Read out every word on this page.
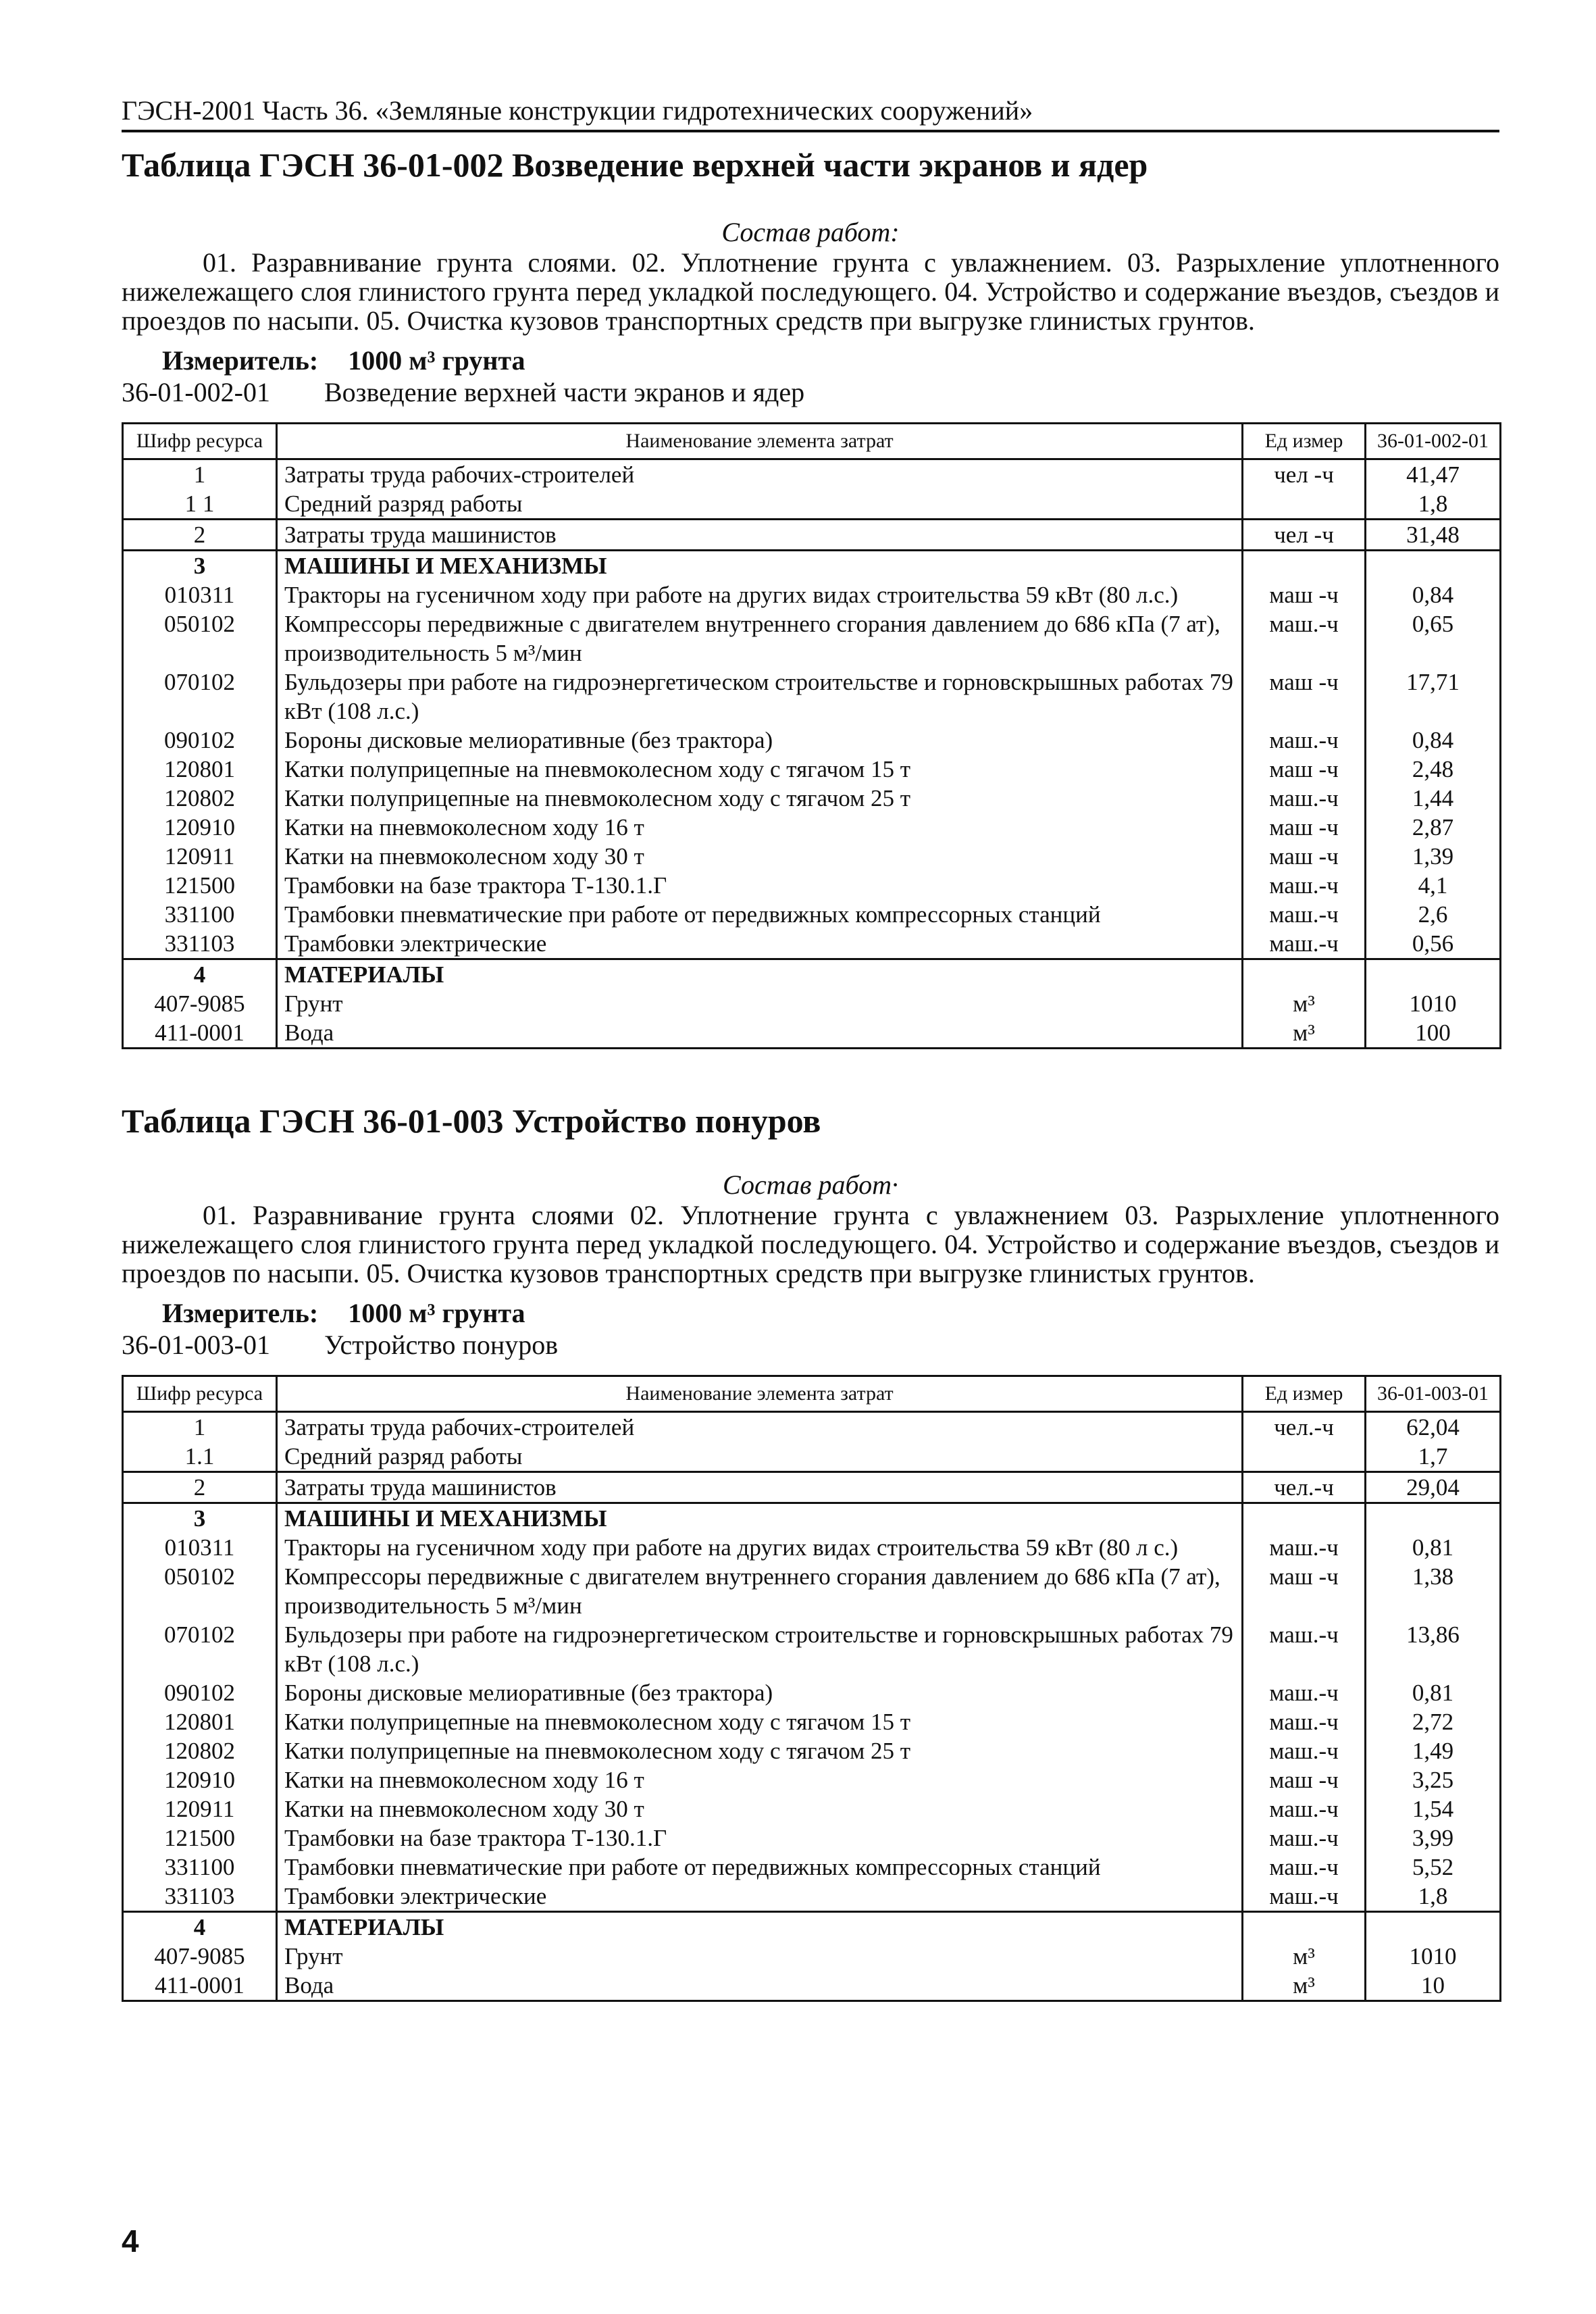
ГЭСН-2001 Часть 36. «Земляные конструкции гидротехнических сооружений»
Таблица ГЭСН 36-01-002 Возведение верхней части экранов и ядер
Состав работ:
01. Разравнивание грунта слоями. 02. Уплотнение грунта с увлажнением. 03. Разрыхление уплотненного нижележащего слоя глинистого грунта перед укладкой последующего. 04. Устройство и содержание въездов, съездов и проездов по насыпи. 05. Очистка кузовов транспортных средств при выгрузке глинистых грунтов.
Измеритель: 1000 м³ грунта
36-01-002-01 Возведение верхней части экранов и ядер
Шифр ресурса	Наименование элемента затрат	Ед измер	36-01-002-01
1	Затраты труда рабочих-строителей	чел -ч	41,47
1 1	Средний разряд работы		1,8
2	Затраты труда машинистов	чел -ч	31,48
3	МАШИНЫ И МЕХАНИЗМЫ		
010311	Тракторы на гусеничном ходу при работе на других видах строительства 59 кВт (80 л.с.)	маш -ч	0,84
050102	Компрессоры передвижные с двигателем внутреннего сгорания давлением до 686 кПа (7 ат), производительность 5 м³/мин	маш.-ч	0,65
070102	Бульдозеры при работе на гидроэнергетическом строительстве и горновскрышных работах 79 кВт (108 л.с.)	маш -ч	17,71
090102	Бороны дисковые мелиоративные (без трактора)	маш.-ч	0,84
120801	Катки полуприцепные на пневмоколесном ходу с тягачом 15 т	маш -ч	2,48
120802	Катки полуприцепные на пневмоколесном ходу с тягачом 25 т	маш.-ч	1,44
120910	Катки на пневмоколесном ходу 16 т	маш -ч	2,87
120911	Катки на пневмоколесном ходу 30 т	маш -ч	1,39
121500	Трамбовки на базе трактора Т-130.1.Г	маш.-ч	4,1
331100	Трамбовки пневматические при работе от передвижных компрессорных станций	маш.-ч	2,6
331103	Трамбовки электрические	маш.-ч	0,56
4	МАТЕРИАЛЫ		
407-9085	Грунт	м³	1010
411-0001	Вода	м³	100
Таблица ГЭСН 36-01-003 Устройство понуров
Состав работ·
01. Разравнивание грунта слоями 02. Уплотнение грунта с увлажнением 03. Разрыхление уплотненного нижележащего слоя глинистого грунта перед укладкой последующего. 04. Устройство и содержание въездов, съездов и проездов по насыпи. 05. Очистка кузовов транспортных средств при выгрузке глинистых грунтов.
Измеритель: 1000 м³ грунта
36-01-003-01 Устройство понуров
Шифр ресурса	Наименование элемента затрат	Ед измер	36-01-003-01
1	Затраты труда рабочих-строителей	чел.-ч	62,04
1.1	Средний разряд работы		1,7
2	Затраты труда машинистов	чел.-ч	29,04
3	МАШИНЫ И МЕХАНИЗМЫ		
010311	Тракторы на гусеничном ходу при работе на других видах строительства 59 кВт (80 л с.)	маш.-ч	0,81
050102	Компрессоры передвижные с двигателем внутреннего сгорания давлением до 686 кПа (7 ат), производительность 5 м³/мин	маш -ч	1,38
070102	Бульдозеры при работе на гидроэнергетическом строительстве и горновскрышных работах 79 кВт (108 л.с.)	маш.-ч	13,86
090102	Бороны дисковые мелиоративные (без трактора)	маш.-ч	0,81
120801	Катки полуприцепные на пневмоколесном ходу с тягачом 15 т	маш.-ч	2,72
120802	Катки полуприцепные на пневмоколесном ходу с тягачом 25 т	маш.-ч	1,49
120910	Катки на пневмоколесном ходу 16 т	маш -ч	3,25
120911	Катки на пневмоколесном ходу 30 т	маш.-ч	1,54
121500	Трамбовки на базе трактора Т-130.1.Г	маш.-ч	3,99
331100	Трамбовки пневматические при работе от передвижных компрессорных станций	маш.-ч	5,52
331103	Трамбовки электрические	маш.-ч	1,8
4	МАТЕРИАЛЫ		
407-9085	Грунт	м³	1010
411-0001	Вода	м³	10
4
